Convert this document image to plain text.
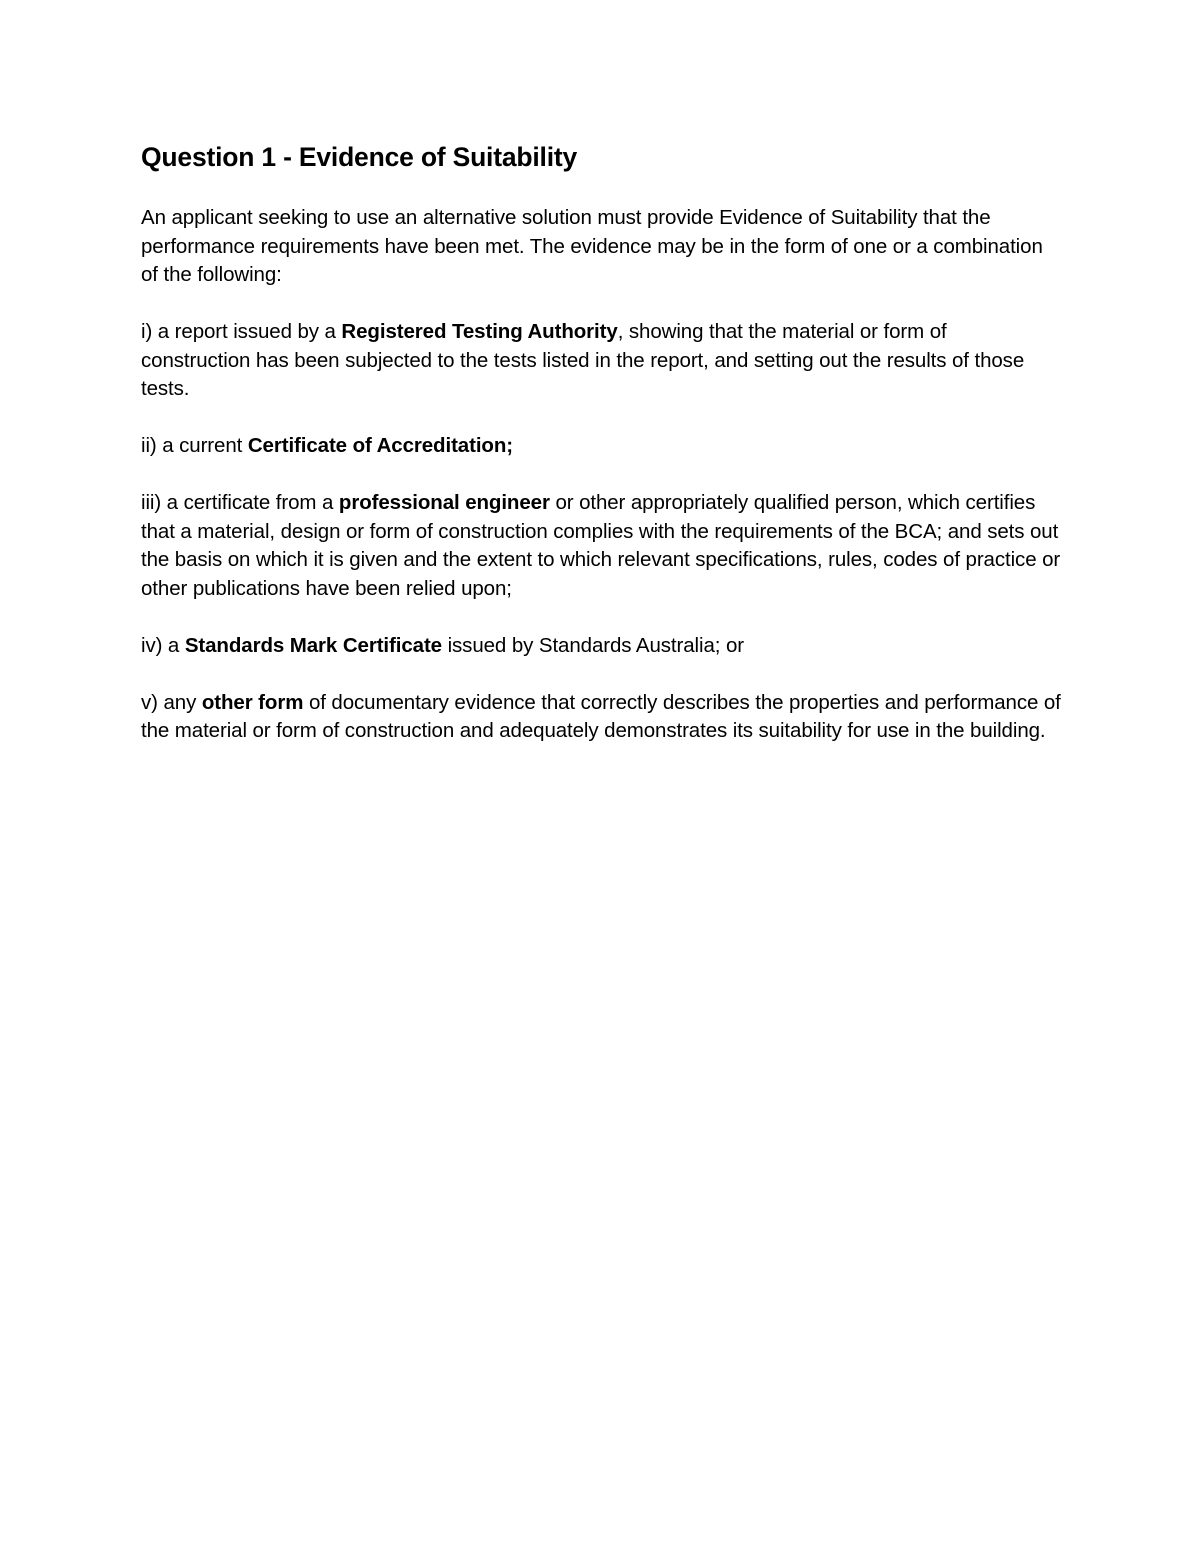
Question 1 - Evidence of Suitability

An applicant seeking to use an alternative solution must provide Evidence of Suitability that the performance requirements have been met. The evidence may be in the form of one or a combination of the following:

i) a report issued by a Registered Testing Authority, showing that the material or form of construction has been subjected to the tests listed in the report, and setting out the results of those tests.

ii) a current Certificate of Accreditation;

iii) a certificate from a professional engineer or other appropriately qualified person, which certifies that a material, design or form of construction complies with the requirements of the BCA; and sets out the basis on which it is given and the extent to which relevant specifications, rules, codes of practice or other publications have been relied upon;

iv) a Standards Mark Certificate issued by Standards Australia; or

v) any other form of documentary evidence that correctly describes the properties and performance of the material or form of construction and adequately demonstrates its suitability for use in the building.
